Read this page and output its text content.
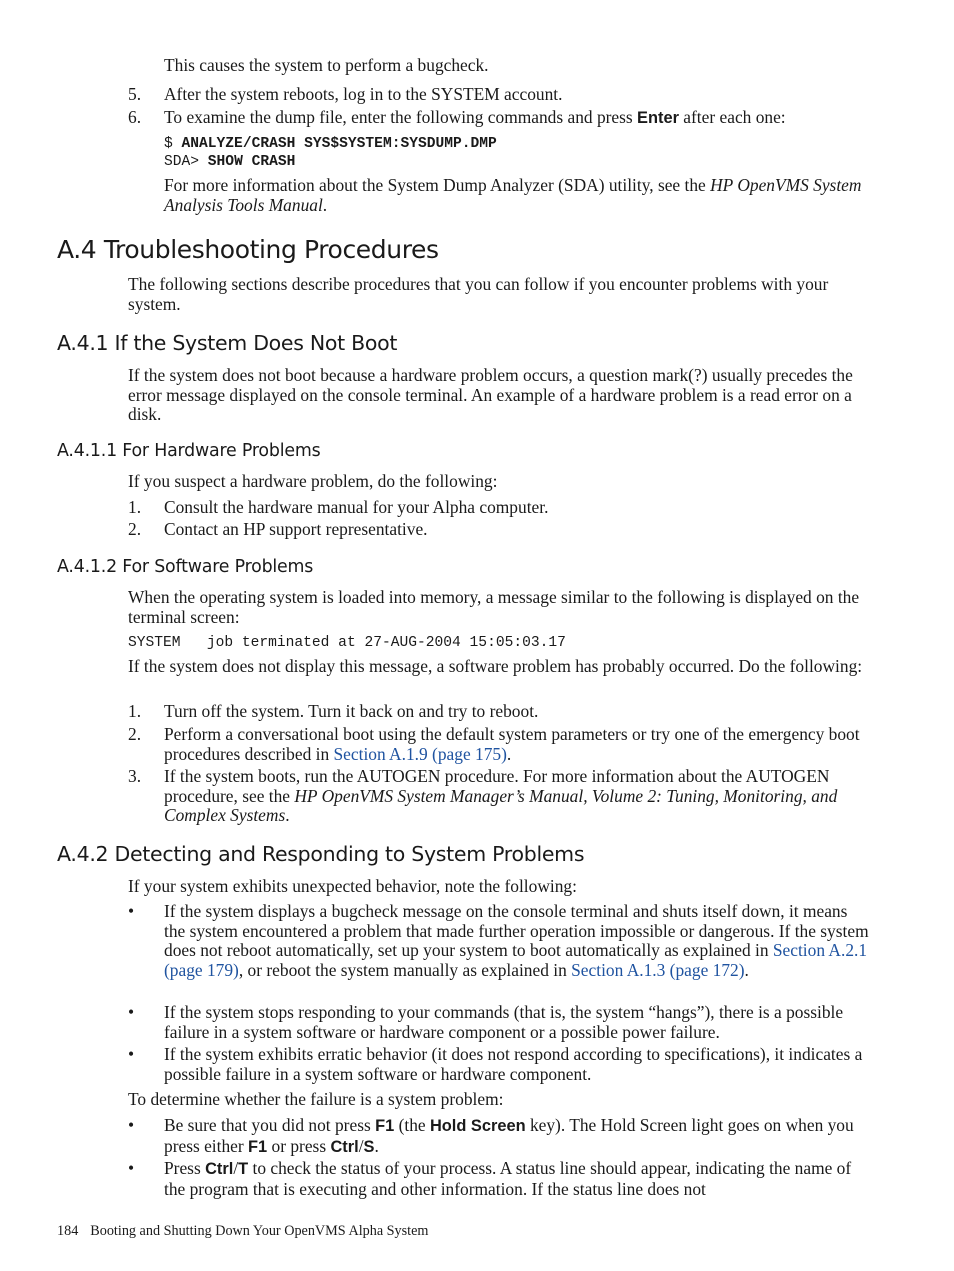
This causes the system to perform a bugcheck.
5. After the system reboots, log in to the SYSTEM account.
6. To examine the dump file, enter the following commands and press Enter after each one:
$ ANALYZE/CRASH SYS$SYSTEM:SYSDUMP.DMP
SDA> SHOW CRASH
For more information about the System Dump Analyzer (SDA) utility, see the HP OpenVMS System Analysis Tools Manual.
A.4 Troubleshooting Procedures
The following sections describe procedures that you can follow if you encounter problems with your system.
A.4.1 If the System Does Not Boot
If the system does not boot because a hardware problem occurs, a question mark(?) usually precedes the error message displayed on the console terminal. An example of a hardware problem is a read error on a disk.
A.4.1.1 For Hardware Problems
If you suspect a hardware problem, do the following:
1. Consult the hardware manual for your Alpha computer.
2. Contact an HP support representative.
A.4.1.2 For Software Problems
When the operating system is loaded into memory, a message similar to the following is displayed on the terminal screen:
SYSTEM   job terminated at 27-AUG-2004 15:05:03.17
If the system does not display this message, a software problem has probably occurred. Do the following:
1. Turn off the system. Turn it back on and try to reboot.
2. Perform a conversational boot using the default system parameters or try one of the emergency boot procedures described in Section A.1.9 (page 175).
3. If the system boots, run the AUTOGEN procedure. For more information about the AUTOGEN procedure, see the HP OpenVMS System Manager’s Manual, Volume 2: Tuning, Monitoring, and Complex Systems.
A.4.2 Detecting and Responding to System Problems
If your system exhibits unexpected behavior, note the following:
• If the system displays a bugcheck message on the console terminal and shuts itself down, it means the system encountered a problem that made further operation impossible or dangerous. If the system does not reboot automatically, set up your system to boot automatically as explained in Section A.2.1 (page 179), or reboot the system manually as explained in Section A.1.3 (page 172).
• If the system stops responding to your commands (that is, the system “hangs”), there is a possible failure in a system software or hardware component or a possible power failure.
• If the system exhibits erratic behavior (it does not respond according to specifications), it indicates a possible failure in a system software or hardware component.
To determine whether the failure is a system problem:
• Be sure that you did not press F1 (the Hold Screen key). The Hold Screen light goes on when you press either F1 or press Ctrl/S.
• Press Ctrl/T to check the status of your process. A status line should appear, indicating the name of the program that is executing and other information. If the status line does not
184 Booting and Shutting Down Your OpenVMS Alpha System
